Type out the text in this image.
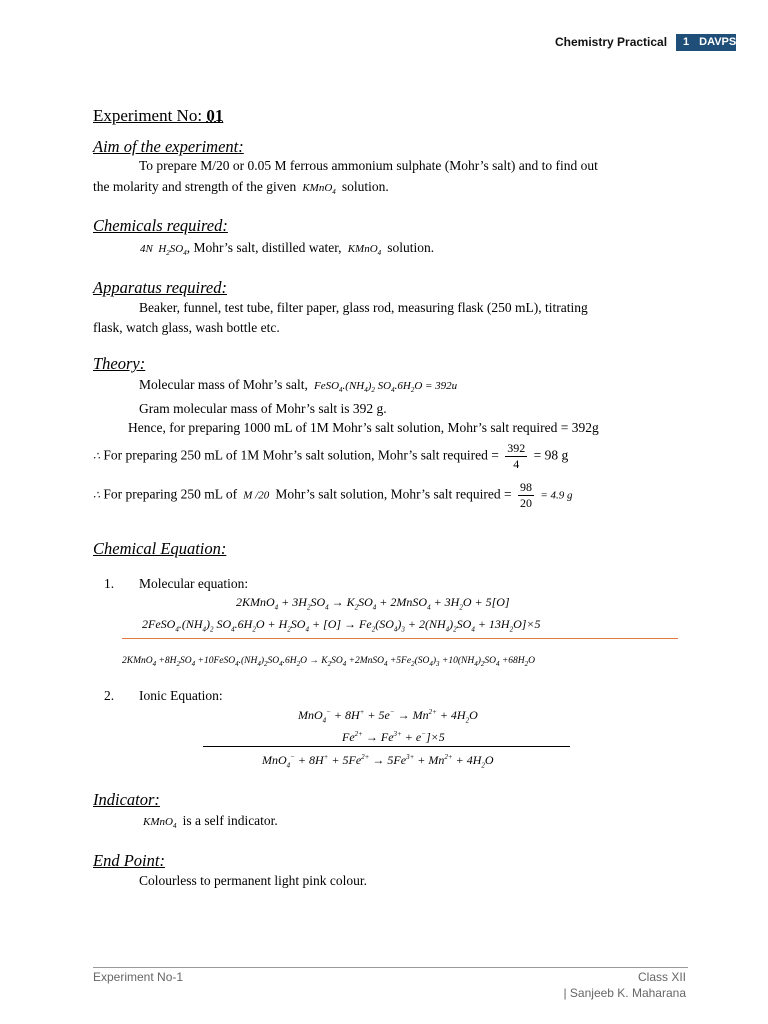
Chemistry Practical	1 DAVPS
Experiment No: 01
Aim of the experiment:
To prepare M/20 or 0.05 M ferrous ammonium sulphate (Mohr’s salt) and to find out
the molarity and strength of the given  KMnO$_4$ solution.
Chemicals required:
4N  $H_2SO_4$, Mohr’s salt, distilled water,  KMnO$_4$ solution.
Apparatus required:
Beaker, funnel, test tube, filter paper, glass rod, measuring flask (250 mL), titrating
flask, watch glass, wash bottle etc.
Theory:
Molecular mass of Mohr’s salt,  $FeSO_4.(NH_4)_2$ $SO_4.6H_2O = 392u$
Gram molecular mass of Mohr’s salt is 392 g.
Hence, for preparing 1000 mL of 1M Mohr’s salt solution, Mohr’s salt required = 392g
∴ For preparing 250 mL of 1M Mohr’s salt solution, Mohr’s salt required = $\frac{392}{4} = 98$ g
∴ For preparing 250 mL of  M /20  Mohr’s salt solution, Mohr’s salt required = $\frac{98}{20} = 4.9$ g
Chemical Equation:
1. Molecular equation:
2KMnO$_4$ + $3H_2SO_4 \to K_2SO_4$ + 2MnSO$_4$ + $3H_2O + 5[O]$
$2FeSO_4.(NH_4)_2$ $SO_4.6H_2O + H_2SO_4 + [O] \to Fe_2(SO_4)_3 + 2(NH_4)_2SO_4 + 13H_2O]\times 5$
2KMnO$_4$ $+8H_2SO_4$ $+10FeSO_4.(NH_4)_2SO_4.6H_2O \to K_2SO_4$ +2MnSO$_4$ $+5Fe_2(SO_4)_3 +10(NH_4)_2SO_4 +68H_2O$
2. Ionic Equation:
$MnO_4^- + 8H^+ + 5e^- \to Mn^{2+} + 4H_2O$
$Fe^{2+} \to Fe^{3+} + e^-]\times 5$
$MnO_4^- + 8H^+ + 5Fe^{2+} \to 5Fe^{3+} + Mn^{2+} + 4H_2O$
Indicator:
KMnO$_4$ is a self indicator.
End Point:
Colourless to permanent light pink colour.
Experiment No-1	Class XII
| Sanjeeb K. Maharana
